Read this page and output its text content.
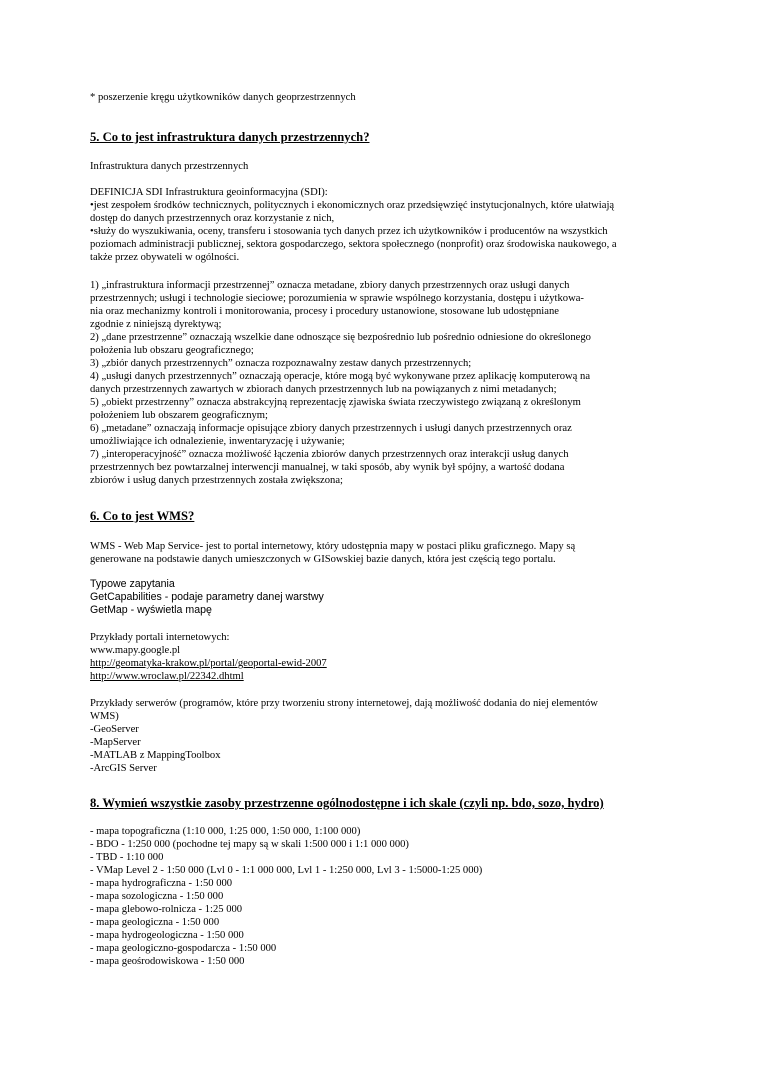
* poszerzenie kręgu użytkowników danych geoprzestrzennych
5. Co to jest infrastruktura danych przestrzennych?
Infrastruktura danych przestrzennych
DEFINICJA SDI Infrastruktura geoinformacyjna (SDI):
•jest zespołem środków technicznych, politycznych i ekonomicznych oraz przedsięwzięć instytucjonalnych, które ułatwiają
dostęp do danych przestrzennych oraz korzystanie z nich,
•służy do wyszukiwania, oceny, transferu i stosowania tych danych przez ich użytkowników i producentów na wszystkich
poziomach administracji publicznej, sektora gospodarczego, sektora społecznego (nonprofit) oraz środowiska naukowego, a
także przez obywateli w ogólności.
1) „infrastruktura informacji przestrzennej” oznacza metadane, zbiory danych przestrzennych oraz usługi danych
przestrzennych; usługi i technologie sieciowe; porozumienia w sprawie wspólnego korzystania, dostępu i użytkowa-
nia oraz mechanizmy kontroli i monitorowania, procesy i procedury ustanowione, stosowane lub udostępniane
zgodnie z niniejszą dyrektywą;
2) „dane przestrzenne” oznaczają wszelkie dane odnoszące się bezpośrednio lub pośrednio odniesione do określonego
położenia lub obszaru geograficznego;
3) „zbiór danych przestrzennych” oznacza rozpoznawalny zestaw danych przestrzennych;
4) „usługi danych przestrzennych” oznaczają operacje, które mogą być wykonywane przez aplikację komputerową na
danych przestrzennych zawartych w zbiorach danych przestrzennych lub na powiązanych z nimi metadanych;
5) „obiekt przestrzenny” oznacza abstrakcyjną reprezentację zjawiska świata rzeczywistego związaną z określonym
położeniem lub obszarem geograficznym;
6) „metadane” oznaczają informacje opisujące zbiory danych przestrzennych i usługi danych przestrzennych oraz
umożliwiające ich odnalezienie, inwentaryzację i używanie;
7) „interoperacyjność” oznacza możliwość łączenia zbiorów danych przestrzennych oraz interakcji usług danych
przestrzennych bez powtarzalnej interwencji manualnej, w taki sposób, aby wynik był spójny, a wartość dodana
zbiorów i usług danych przestrzennych została zwiększona;
6. Co to jest WMS?
WMS - Web Map Service- jest to portal internetowy, który udostępnia mapy w postaci pliku graficznego. Mapy są
generowane na podstawie danych umieszczonych w GISowskiej bazie danych, która jest częścią tego portalu.
Typowe zapytania
GetCapabilities - podaje parametry danej warstwy
GetMap - wyświetla mapę
Przykłady portali internetowych:
www.mapy.google.pl
http://geomatyka-krakow.pl/portal/geoportal-ewid-2007
http://www.wroclaw.pl/22342.dhtml
Przykłady serwerów (programów, które przy tworzeniu strony internetowej, dają możliwość dodania do niej elementów
WMS)
-GeoServer
-MapServer
-MATLAB z MappingToolbox
-ArcGIS Server
8. Wymień wszystkie zasoby przestrzenne ogólnodostępne i ich skale (czyli np. bdo, sozo, hydro)
- mapa topograficzna (1:10 000, 1:25 000, 1:50 000, 1:100 000)
- BDO - 1:250 000 (pochodne tej mapy są w skali 1:500 000 i 1:1 000 000)
- TBD - 1:10 000
- VMap Level 2 - 1:50 000 (Lvl 0 - 1:1 000 000, Lvl 1 - 1:250 000, Lvl 3 - 1:5000-1:25 000)
- mapa hydrograficzna - 1:50 000
- mapa sozologiczna - 1:50 000
- mapa glebowo-rolnicza - 1:25 000
- mapa geologiczna - 1:50 000
- mapa hydrogeologiczna - 1:50 000
- mapa geologiczno-gospodarcza - 1:50 000
- mapa geośrodowiskowa - 1:50 000
